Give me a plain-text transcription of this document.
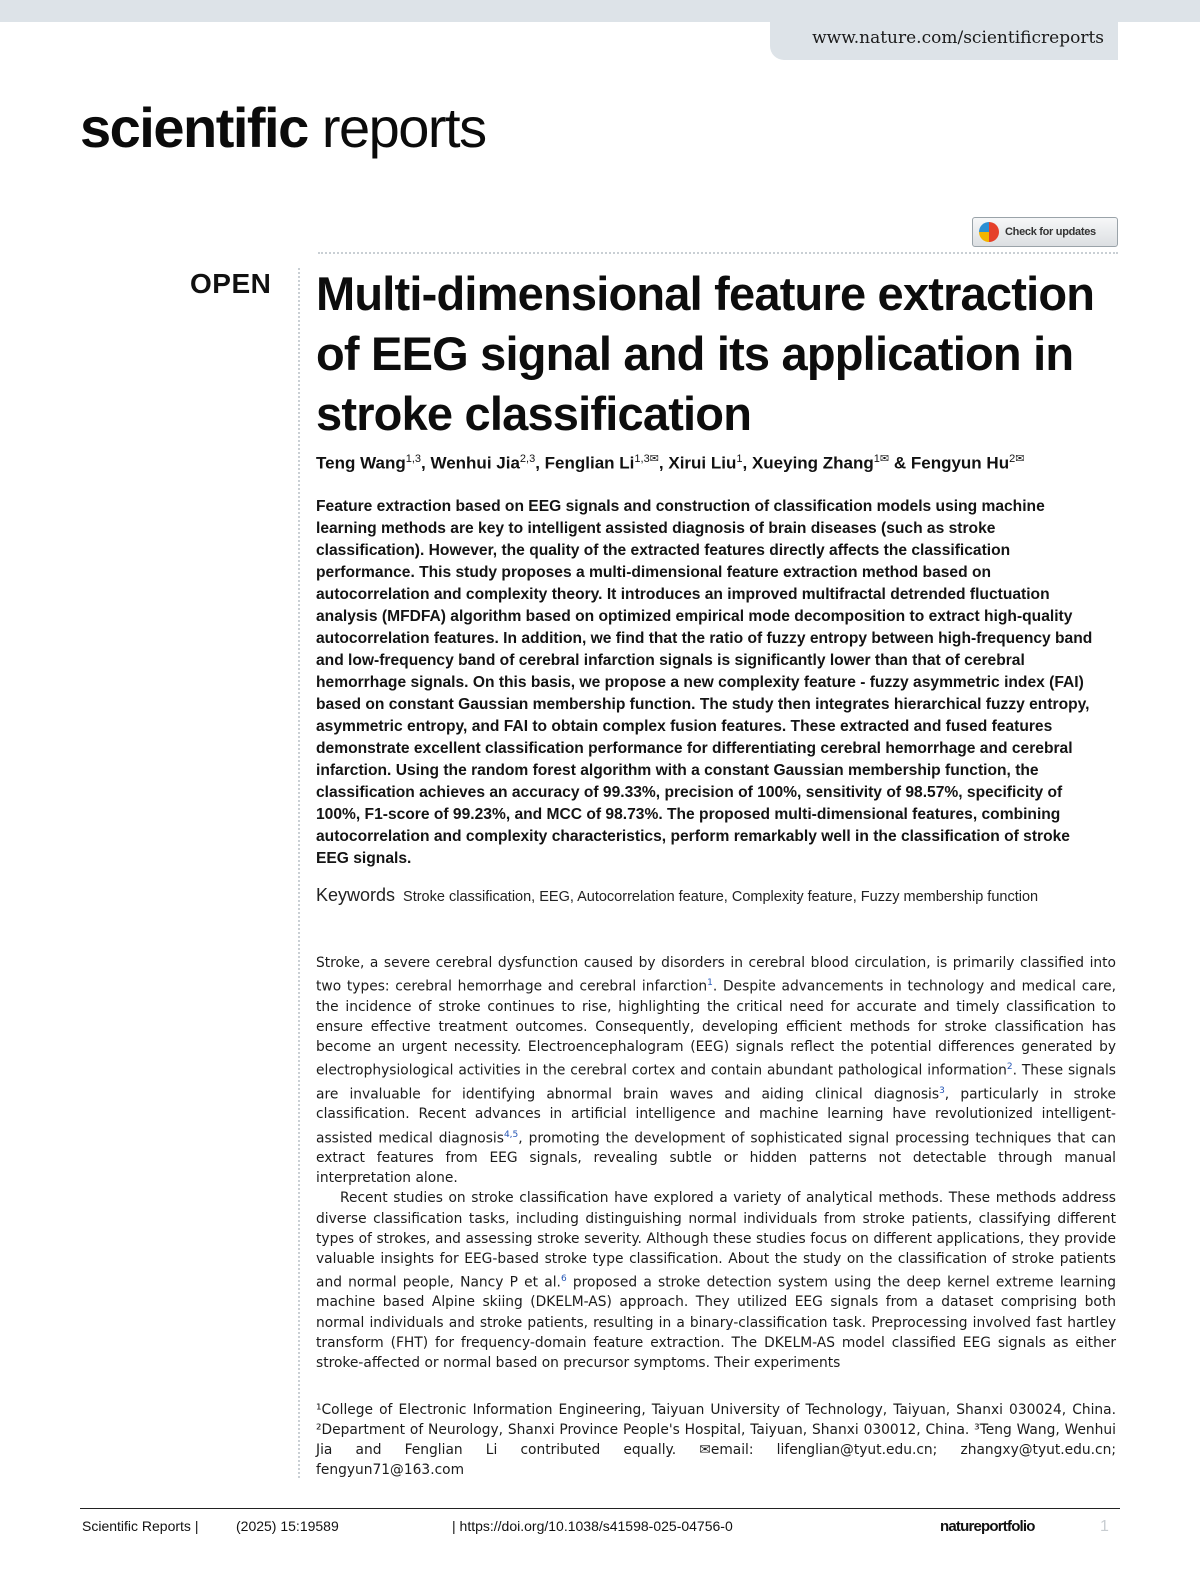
www.nature.com/scientificreports
scientific reports
Check for updates
OPEN Multi-dimensional feature extraction of EEG signal and its application in stroke classification
Teng Wang$^{1,3}$, Wenhui Jia$^{2,3}$, Fenglian $Li^{1,3✉}$, Xirui Liu$^1$, Xueying Zhang$^{1✉}$ & Fengyun $Hu^{2✉}$

Feature extraction based on EEG signals and construction of classification models using machine learning methods are key to intelligent assisted diagnosis of brain diseases (such as stroke classification). However, the quality of the extracted features directly affects the classification performance. This study proposes a multi-dimensional feature extraction method based on autocorrelation and complexity theory. It introduces an improved multifractal detrended fluctuation analysis (MFDFA) algorithm based on optimized empirical mode decomposition to extract high-quality autocorrelation features. In addition, we find that the ratio of fuzzy entropy between high-frequency band and low-frequency band of cerebral infarction signals is significantly lower than that of cerebral hemorrhage signals. On this basis, we propose a new complexity feature - fuzzy asymmetric index (FAI) based on constant Gaussian membership function. The study then integrates hierarchical fuzzy entropy, asymmetric entropy, and FAI to obtain complex fusion features. These extracted and fused features demonstrate excellent classification performance for differentiating cerebral hemorrhage and cerebral infarction. Using the random forest algorithm with a constant Gaussian membership function, the classification achieves an accuracy of 99.33%, precision of 100%, sensitivity of 98.57%, specificity of 100%, F1-score of 99.23%, and MCC of 98.73%. The proposed multi-dimensional features, combining autocorrelation and complexity characteristics, perform remarkably well in the classification of stroke EEG signals.

Keywords Stroke classification, EEG, Autocorrelation feature, Complexity feature, Fuzzy membership function

Stroke, a severe cerebral dysfunction caused by disorders in cerebral blood circulation, is primarily classified into two types: cerebral hemorrhage and cerebral infarction$^1$. Despite advancements in technology and medical care, the incidence of stroke continues to rise, highlighting the critical need for accurate and timely classification to ensure effective treatment outcomes. Consequently, developing efficient methods for stroke classification has become an urgent necessity. Electroencephalogram (EEG) signals reflect the potential differences generated by electrophysiological activities in the cerebral cortex and contain abundant pathological information$^2$. These signals are invaluable for identifying abnormal brain waves and aiding clinical diagnosis$^3$, particularly in stroke classification. Recent advances in artificial intelligence and machine learning have revolutionized intelligent-assisted medical diagnosis$^{4,5}$, promoting the development of sophisticated signal processing techniques that can extract features from EEG signals, revealing subtle or hidden patterns not detectable through manual interpretation alone.

Recent studies on stroke classification have explored a variety of analytical methods. These methods address diverse classification tasks, including distinguishing normal individuals from stroke patients, classifying different types of strokes, and assessing stroke severity. Although these studies focus on different applications, they provide valuable insights for EEG-based stroke type classification. About the study on the classification of stroke patients and normal people, Nancy P et al.$^6$ proposed a stroke detection system using the deep kernel extreme learning machine based Alpine skiing (DKELM-AS) approach. They utilized EEG signals from a dataset comprising both normal individuals and stroke patients, resulting in a binary-classification task. Preprocessing involved fast hartley transform (FHT) for frequency-domain feature extraction. The DKELM-AS model classified EEG signals as either stroke-affected or normal based on precursor symptoms. Their experiments

¹College of Electronic Information Engineering, Taiyuan University of Technology, Taiyuan, Shanxi 030024, China. ²Department of Neurology, Shanxi Province People's Hospital, Taiyuan, Shanxi 030012, China. ³Teng Wang, Wenhui Jia and Fenglian Li contributed equally. ✉email: lifenglian@tyut.edu.cn; zhangxy@tyut.edu.cn; fengyun71@163.com

Scientific Reports |	(2025) 15:19589	| https://doi.org/10.1038/s41598-025-04756-0	natureportfolio	1
